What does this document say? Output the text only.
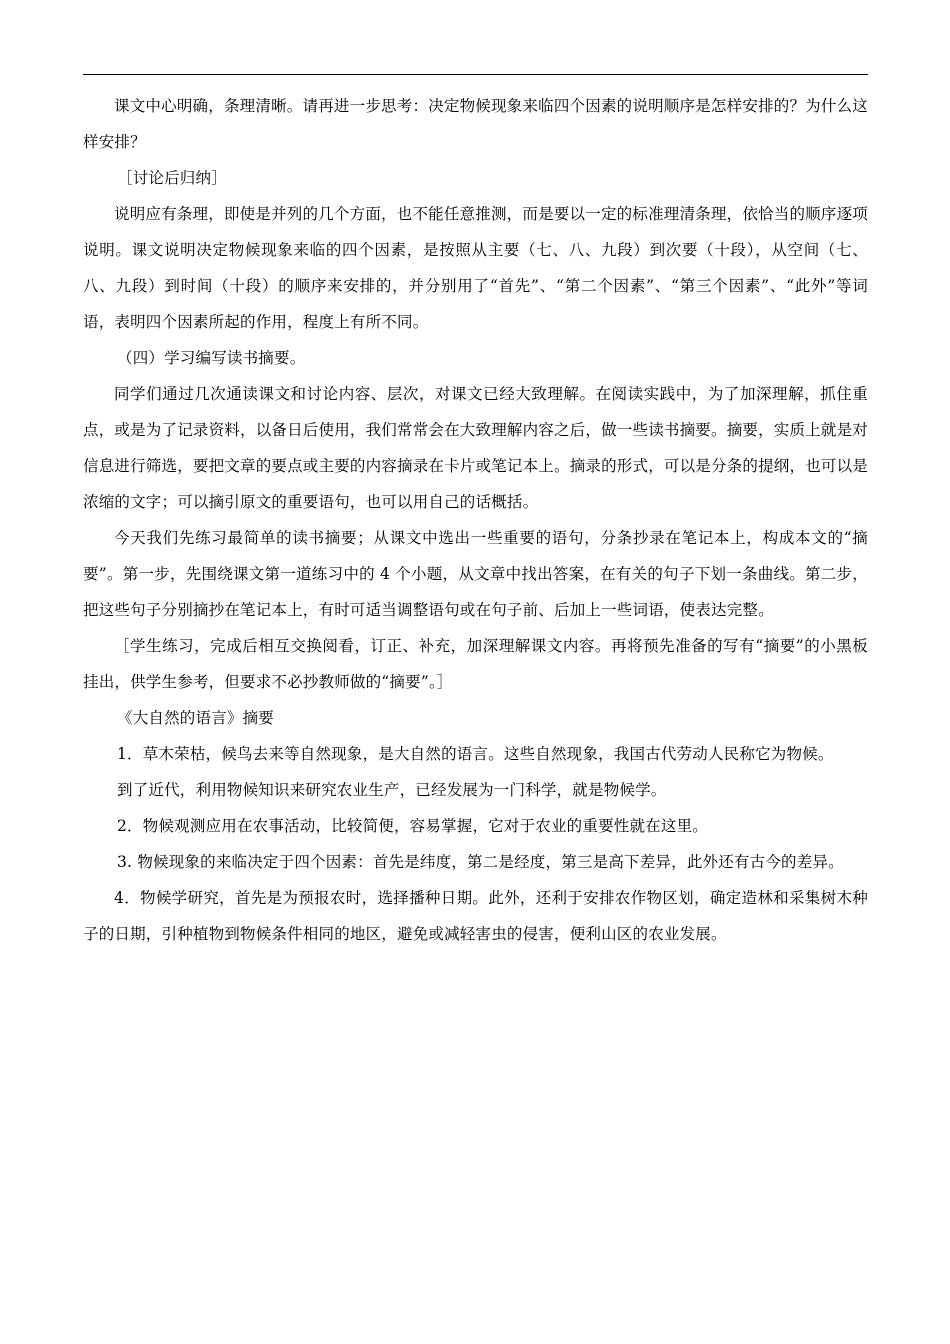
课文中心明确，条理清晰。请再进一步思考：决定物候现象来临四个因素的说明顺序是怎样安排的？为什么这样安排？

［讨论后归纳］

说明应有条理，即使是并列的几个方面，也不能任意推测，而是要以一定的标准理清条理，依恰当的顺序逐项说明。课文说明决定物候现象来临的四个因素，是按照从主要（七、八、九段）到次要（十段），从空间（七、八、九段）到时间（十段）的顺序来安排的，并分别用了“首先”、“第二个因素”、“第三个因素”、“此外”等词语，表明四个因素所起的作用，程度上有所不同。

（四）学习编写读书摘要。

同学们通过几次通读课文和讨论内容、层次，对课文已经大致理解。在阅读实践中，为了加深理解，抓住重点，或是为了记录资料，以备日后使用，我们常常会在大致理解内容之后，做一些读书摘要。摘要，实质上就是对信息进行筛选，要把文章的要点或主要的内容摘录在卡片或笔记本上。摘录的形式，可以是分条的提纲，也可以是浓缩的文字；可以摘引原文的重要语句，也可以用自己的话概括。

今天我们先练习最简单的读书摘要；从课文中选出一些重要的语句，分条抄录在笔记本上，构成本文的“摘要”。第一步，先围绕课文第一道练习中的 4 个小题，从文章中找出答案，在有关的句子下划一条曲线。第二步，把这些句子分别摘抄在笔记本上，有时可适当调整语句或在句子前、后加上一些词语，使表达完整。

［学生练习，完成后相互交换阅看，订正、补充，加深理解课文内容。再将预先准备的写有“摘要”的小黑板挂出，供学生参考，但要求不必抄教师做的“摘要”。］

《大自然的语言》摘要

1．草木荣枯，候鸟去来等自然现象，是大自然的语言。这些自然现象，我国古代劳动人民称它为物候。

到了近代，利用物候知识来研究农业生产，已经发展为一门科学，就是物候学。

2．物候观测应用在农事活动，比较简便，容易掌握，它对于农业的重要性就在这里。

3. 物候现象的来临决定于四个因素：首先是纬度，第二是经度，第三是高下差异，此外还有古今的差异。

4．物候学研究，首先是为预报农时，选择播种日期。此外，还利于安排农作物区划，确定造林和采集树木种子的日期，引种植物到物候条件相同的地区，避免或减轻害虫的侵害，便利山区的农业发展。
